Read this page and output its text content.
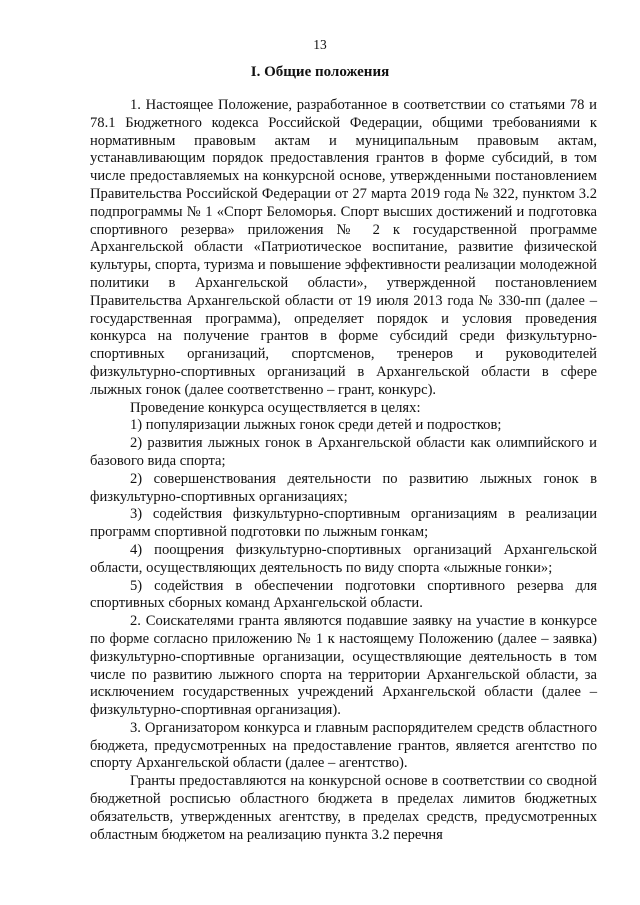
13
I. Общие положения

1. Настоящее Положение, разработанное в соответствии со статьями 78 и 78.1 Бюджетного кодекса Российской Федерации, общими требованиями к нормативным правовым актам и муниципальным правовым актам, устанавливающим порядок предоставления грантов в форме субсидий, в том числе предоставляемых на конкурсной основе, утвержденными постановлением Правительства Российской Федерации от 27 марта 2019 года № 322, пунктом 3.2 подпрограммы № 1 «Спорт Беломорья. Спорт высших достижений и подготовка спортивного резерва» приложения № 2 к государственной программе Архангельской области «Патриотическое воспитание, развитие физической культуры, спорта, туризма и повышение эффективности реализации молодежной политики в Архангельской области», утвержденной постановлением Правительства Архангельской области от 19 июля 2013 года № 330-пп (далее – государственная программа), определяет порядок и условия проведения конкурса на получение грантов в форме субсидий среди физкультурно-спортивных организаций, спортсменов, тренеров и руководителей физкультурно-спортивных организаций в Архангельской области в сфере лыжных гонок (далее соответственно – грант, конкурс).

Проведение конкурса осуществляется в целях:

1) популяризации лыжных гонок среди детей и подростков;

2) развития лыжных гонок в Архангельской области как олимпийского и базового вида спорта;

2) совершенствования деятельности по развитию лыжных гонок в физкультурно-спортивных организациях;

3) содействия физкультурно-спортивным организациям в реализации программ спортивной подготовки по лыжным гонкам;

4) поощрения физкультурно-спортивных организаций Архангельской области, осуществляющих деятельность по виду спорта «лыжные гонки»;

5) содействия в обеспечении подготовки спортивного резерва для спортивных сборных команд Архангельской области.

2. Соискателями гранта являются подавшие заявку на участие в конкурсе по форме согласно приложению № 1 к настоящему Положению (далее – заявка) физкультурно-спортивные организации, осуществляющие деятельность в том числе по развитию лыжного спорта на территории Архангельской области, за исключением государственных учреждений Архангельской области (далее – физкультурно-спортивная организация).

3. Организатором конкурса и главным распорядителем средств областного бюджета, предусмотренных на предоставление грантов, является агентство по спорту Архангельской области (далее – агентство).

Гранты предоставляются на конкурсной основе в соответствии со сводной бюджетной росписью областного бюджета в пределах лимитов бюджетных обязательств, утвержденных агентству, в пределах средств, предусмотренных областным бюджетом на реализацию пункта 3.2 перечня
